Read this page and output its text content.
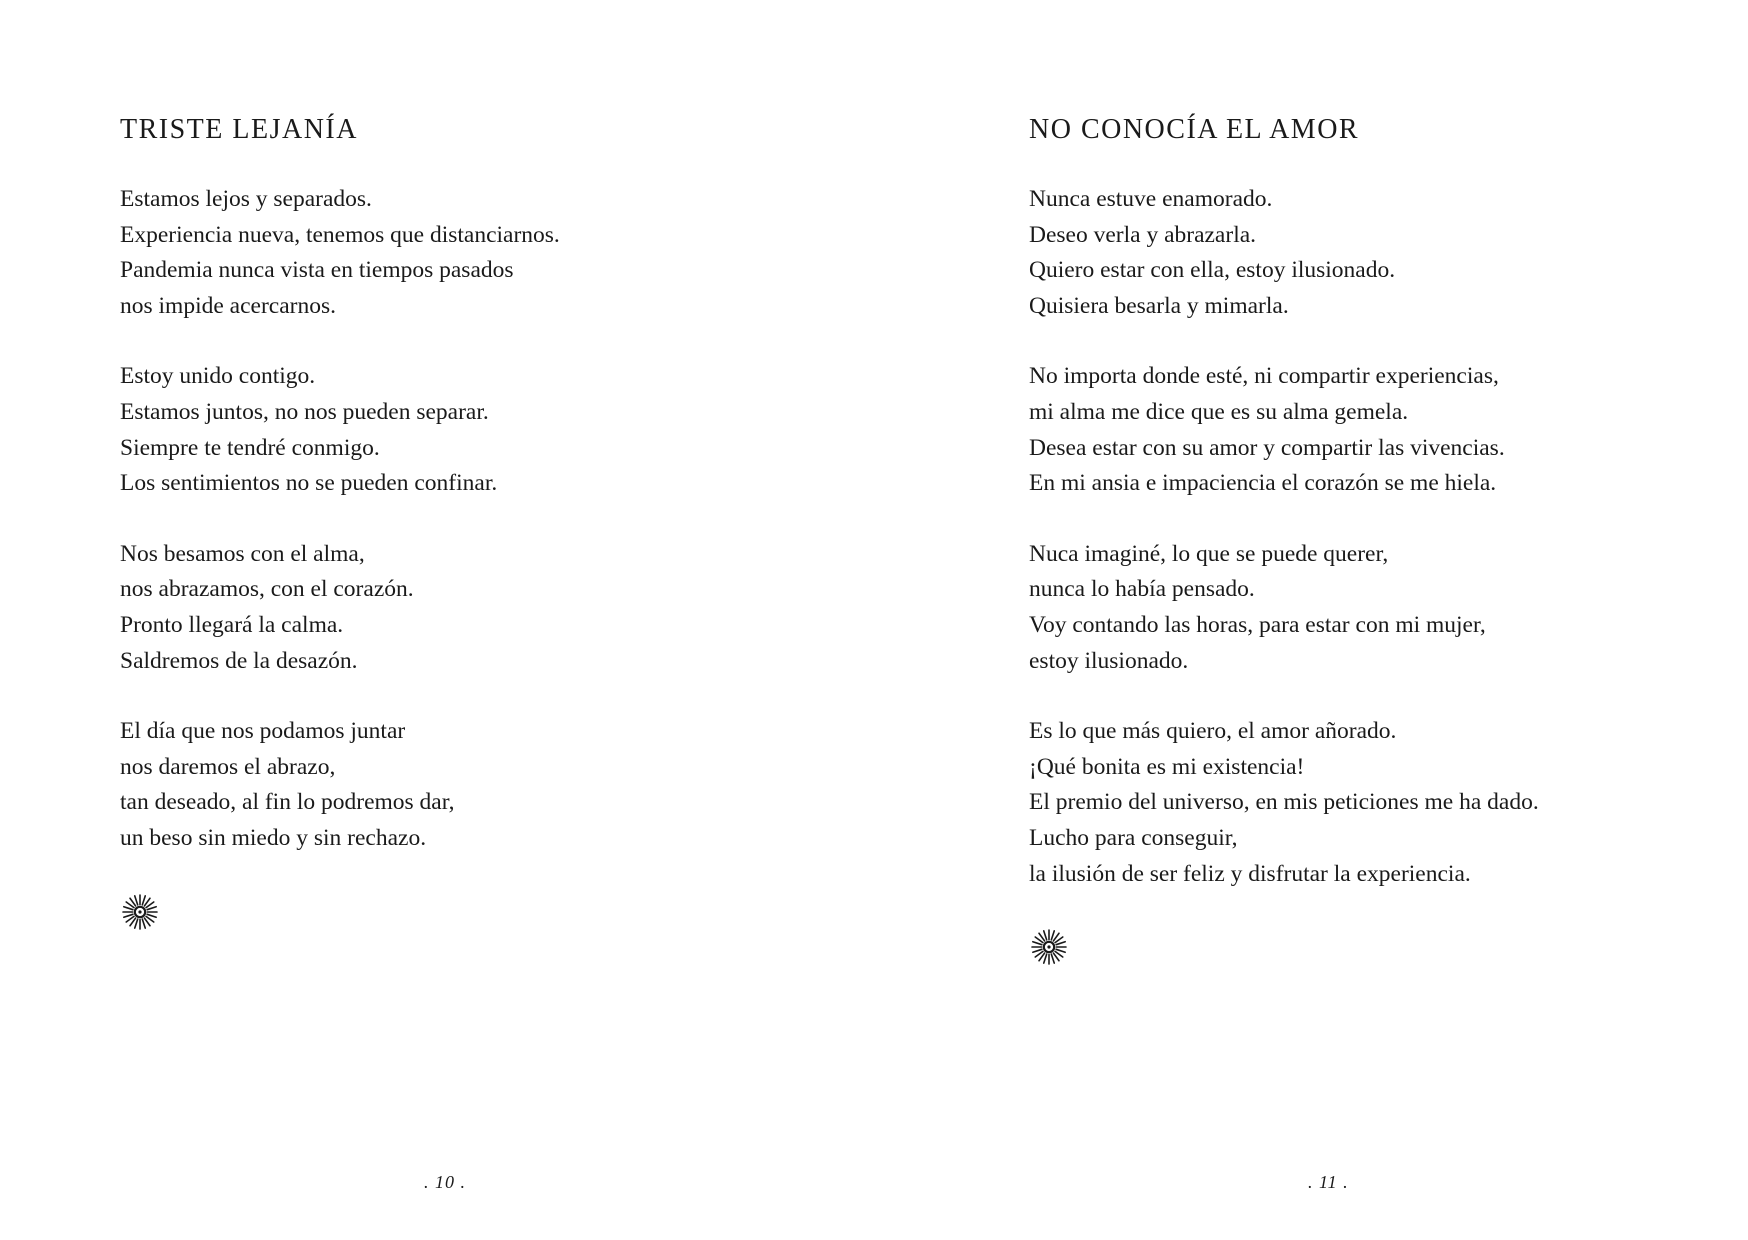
TRISTE LEJANÍA
Estamos lejos y separados.
Experiencia nueva, tenemos que distanciarnos.
Pandemia nunca vista en tiempos pasados
nos impide acercarnos.
Estoy unido contigo.
Estamos juntos, no nos pueden separar.
Siempre te tendré conmigo.
Los sentimientos no se pueden confinar.
Nos besamos con el alma,
nos abrazamos, con el corazón.
Pronto llegará la calma.
Saldremos de la desazón.
El día que nos podamos juntar
nos daremos el abrazo,
tan deseado, al fin lo podremos dar,
un beso sin miedo y sin rechazo.
. 10 .
NO CONOCÍA EL AMOR
Nunca estuve enamorado.
Deseo verla y abrazarla.
Quiero estar con ella, estoy ilusionado.
Quisiera besarla y mimarla.
No importa donde esté, ni compartir experiencias,
mi alma me dice que es su alma gemela.
Desea estar con su amor y compartir las vivencias.
En mi ansia e impaciencia el corazón se me hiela.
Nuca imaginé, lo que se puede querer,
nunca lo había pensado.
Voy contando las horas, para estar con mi mujer,
estoy ilusionado.
Es lo que más quiero, el amor añorado.
¡Qué bonita es mi existencia!
El premio del universo, en mis peticiones me ha dado.
Lucho para conseguir,
la ilusión de ser feliz y disfrutar la experiencia.
. 11 .
